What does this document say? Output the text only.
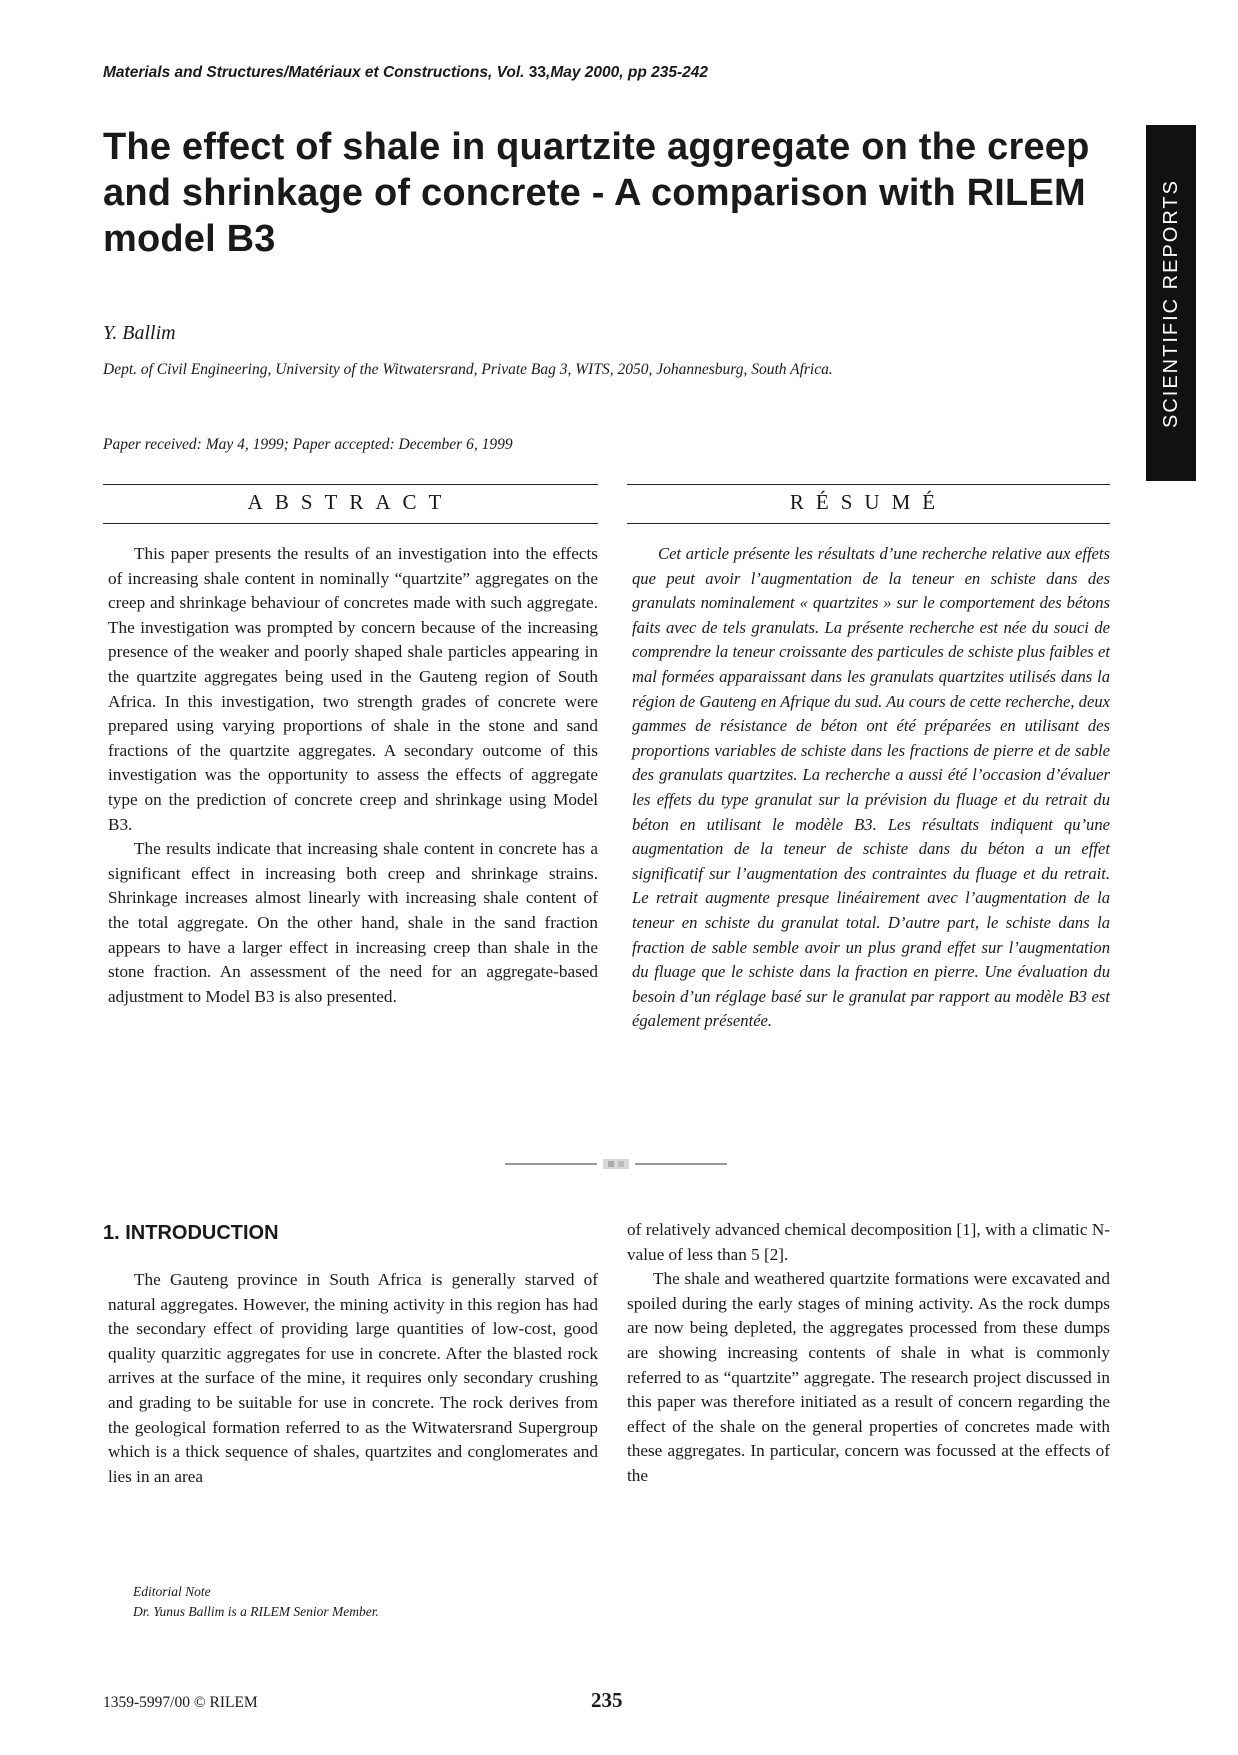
Materials and Structures/Matériaux et Constructions, Vol. 33,May 2000, pp 235-242
SCIENTIFIC REPORTS
The effect of shale in quartzite aggregate on the creep
and shrinkage of concrete - A comparison with RILEM
model B3
Y. Ballim
Dept. of Civil Engineering, University of the Witwatersrand, Private Bag 3, WITS, 2050, Johannesburg, South Africa.
Paper received: May 4, 1999; Paper accepted: December 6, 1999
ABSTRACT

This paper presents the results of an investigation into the effects of increasing shale content in nominally “quartzite” aggregates on the creep and shrinkage behaviour of concretes made with such aggregate. The investigation was prompted by concern because of the increasing presence of the weaker and poorly shaped shale particles appearing in the quartzite aggregates being used in the Gauteng region of South Africa. In this investigation, two strength grades of concrete were prepared using varying proportions of shale in the stone and sand fractions of the quartzite aggregates. A secondary outcome of this investigation was the opportunity to assess the effects of aggregate type on the prediction of concrete creep and shrinkage using Model B3.

The results indicate that increasing shale content in concrete has a significant effect in increasing both creep and shrinkage strains. Shrinkage increases almost linearly with increasing shale content of the total aggregate. On the other hand, shale in the sand fraction appears to have a larger effect in increasing creep than shale in the stone fraction. An assessment of the need for an aggregate-based adjustment to Model B3 is also presented.

RÉSUMÉ

Cet article présente les résultats d’une recherche relative aux effets que peut avoir l’augmentation de la teneur en schiste dans des granulats nominalement « quartzites » sur le comportement des bétons faits avec de tels granulats. La présente recherche est née du souci de comprendre la teneur croissante des particules de schiste plus faibles et mal formées apparaissant dans les granulats quartzites utilisés dans la région de Gauteng en Afrique du sud. Au cours de cette recherche, deux gammes de résistance de béton ont été préparées en utilisant des proportions variables de schiste dans les fractions de pierre et de sable des granulats quartzites. La recherche a aussi été l’occasion d’évaluer les effets du type granulat sur la prévision du fluage et du retrait du béton en utilisant le modèle B3. Les résultats indiquent qu’une augmentation de la teneur de schiste dans du béton a un effet significatif sur l’augmentation des contraintes du fluage et du retrait. Le retrait augmente presque linéairement avec l’augmentation de la teneur en schiste du granulat total. D’autre part, le schiste dans la fraction de sable semble avoir un plus grand effet sur l’augmentation du fluage que le schiste dans la fraction en pierre. Une évaluation du besoin d’un réglage basé sur le granulat par rapport au modèle B3 est également présentée.

1. INTRODUCTION

The Gauteng province in South Africa is generally starved of natural aggregates. However, the mining activity in this region has had the secondary effect of providing large quantities of low-cost, good quality quarzitic aggregates for use in concrete. After the blasted rock arrives at the surface of the mine, it requires only secondary crushing and grading to be suitable for use in concrete. The rock derives from the geological formation referred to as the Witwatersrand Supergroup which is a thick sequence of shales, quartzites and conglomerates and lies in an area

of relatively advanced chemical decomposition [1], with a climatic N-value of less than 5 [2].

The shale and weathered quartzite formations were excavated and spoiled during the early stages of mining activity. As the rock dumps are now being depleted, the aggregates processed from these dumps are showing increasing contents of shale in what is commonly referred to as “quartzite” aggregate. The research project discussed in this paper was therefore initiated as a result of concern regarding the effect of the shale on the general properties of concretes made with these aggregates. In particular, concern was focussed at the effects of the

Editorial Note
Dr. Yunus Ballim is a RILEM Senior Member.
1359-5997/00 © RILEM	235
